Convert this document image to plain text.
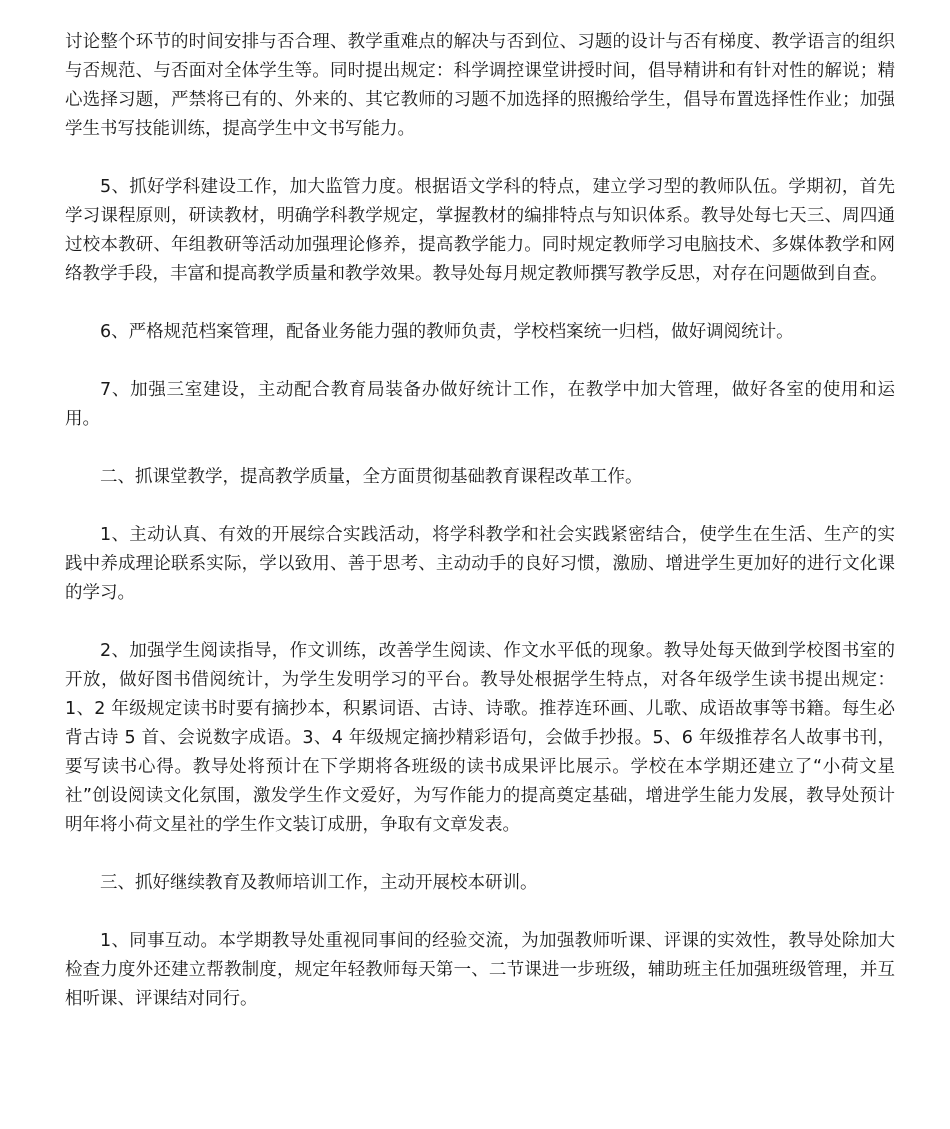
讨论整个环节的时间安排与否合理、教学重难点的解决与否到位、习题的设计与否有梯度、教学语言的组织与否规范、与否面对全体学生等。同时提出规定：科学调控课堂讲授时间，倡导精讲和有针对性的解说；精心选择习题，严禁将已有的、外来的、其它教师的习题不加选择的照搬给学生，倡导布置选择性作业；加强学生书写技能训练，提高学生中文书写能力。

5、抓好学科建设工作，加大监管力度。根据语文学科的特点，建立学习型的教师队伍。学期初，首先学习课程原则，研读教材，明确学科教学规定，掌握教材的编排特点与知识体系。教导处每七天三、周四通过校本教研、年组教研等活动加强理论修养，提高教学能力。同时规定教师学习电脑技术、多媒体教学和网络教学手段，丰富和提高教学质量和教学效果。教导处每月规定教师撰写教学反思，对存在问题做到自查。

6、严格规范档案管理，配备业务能力强的教师负责，学校档案统一归档，做好调阅统计。

7、加强三室建设，主动配合教育局装备办做好统计工作，在教学中加大管理，做好各室的使用和运用。

二、抓课堂教学，提高教学质量，全方面贯彻基础教育课程改革工作。

1、主动认真、有效的开展综合实践活动，将学科教学和社会实践紧密结合，使学生在生活、生产的实践中养成理论联系实际，学以致用、善于思考、主动动手的良好习惯，激励、增进学生更加好的进行文化课的学习。

2、加强学生阅读指导，作文训练，改善学生阅读、作文水平低的现象。教导处每天做到学校图书室的开放，做好图书借阅统计，为学生发明学习的平台。教导处根据学生特点，对各年级学生读书提出规定：1、2 年级规定读书时要有摘抄本，积累词语、古诗、诗歌。推荐连环画、儿歌、成语故事等书籍。每生必背古诗 5 首、会说数字成语。3、4 年级规定摘抄精彩语句，会做手抄报。5、6 年级推荐名人故事书刊，要写读书心得。教导处将预计在下学期将各班级的读书成果评比展示。学校在本学期还建立了“小荷文星社”创设阅读文化氛围，激发学生作文爱好，为写作能力的提高奠定基础，增进学生能力发展，教导处预计明年将小荷文星社的学生作文装订成册，争取有文章发表。

三、抓好继续教育及教师培训工作，主动开展校本研训。

1、同事互动。本学期教导处重视同事间的经验交流，为加强教师听课、评课的实效性，教导处除加大检查力度外还建立帮教制度，规定年轻教师每天第一、二节课进一步班级，辅助班主任加强班级管理，并互相听课、评课结对同行。
